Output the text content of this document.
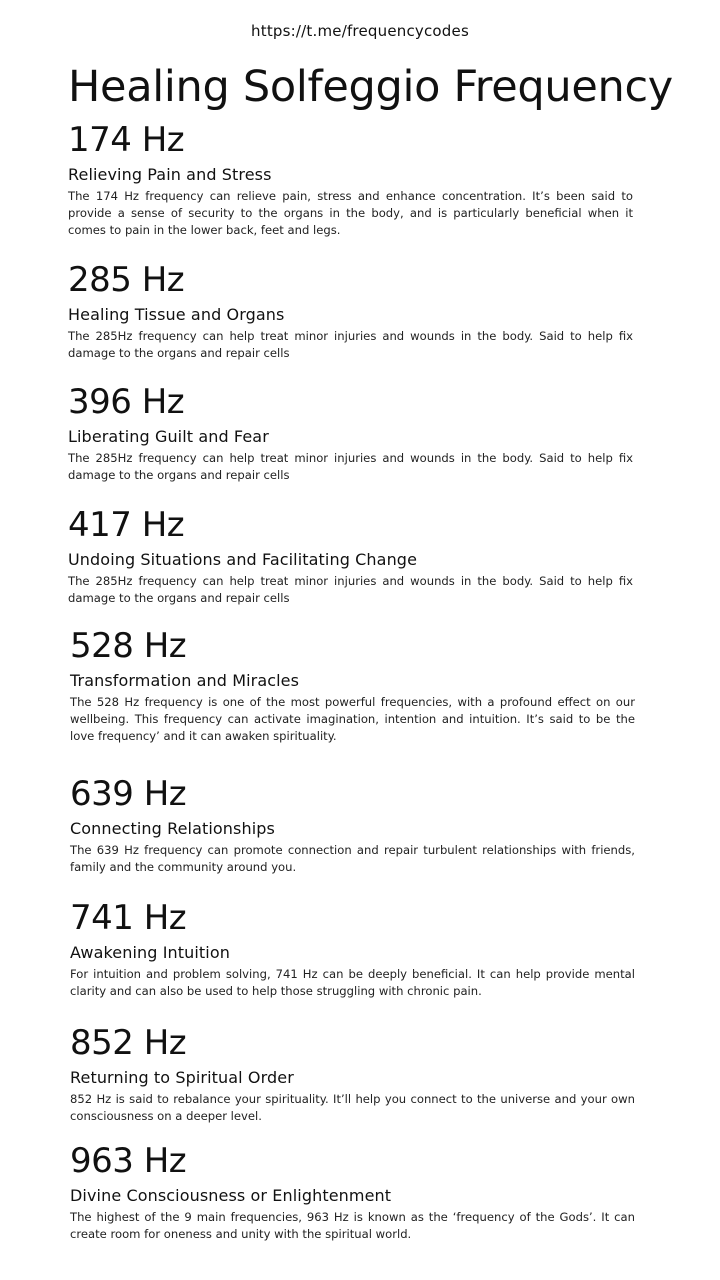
https://t.me/frequencycodes
Healing Solfeggio Frequency
174 Hz
Relieving Pain and Stress

The 174 Hz frequency can relieve pain, stress and enhance concentration. It’s been said to provide a sense of security to the organs in the body, and is particularly beneficial when it comes to pain in the lower back, feet and legs.

285 Hz
Healing Tissue and Organs

The 285Hz frequency can help treat minor injuries and wounds in the body. Said to help fix damage to the organs and repair cells

396 Hz
Liberating Guilt and Fear

The 285Hz frequency can help treat minor injuries and wounds in the body. Said to help fix damage to the organs and repair cells

417 Hz
Undoing Situations and Facilitating Change

The 285Hz frequency can help treat minor injuries and wounds in the body. Said to help fix damage to the organs and repair cells

528 Hz
Transformation and Miracles

The 528 Hz frequency is one of the most powerful frequencies, with a profound effect on our wellbeing. This frequency can activate imagination, intention and intuition. It’s said to be the love frequency’ and it can awaken spirituality.

639 Hz
Connecting Relationships

The 639 Hz frequency can promote connection and repair turbulent relationships with friends, family and the community around you.

741 Hz
Awakening Intuition

For intuition and problem solving, 741 Hz can be deeply beneficial. It can help provide mental clarity and can also be used to help those struggling with chronic pain.

852 Hz
Returning to Spiritual Order

852 Hz is said to rebalance your spirituality. It’ll help you connect to the universe and your own consciousness on a deeper level.

963 Hz
Divine Consciousness or Enlightenment

The highest of the 9 main frequencies, 963 Hz is known as the ‘frequency of the Gods’. It can create room for oneness and unity with the spiritual world.
